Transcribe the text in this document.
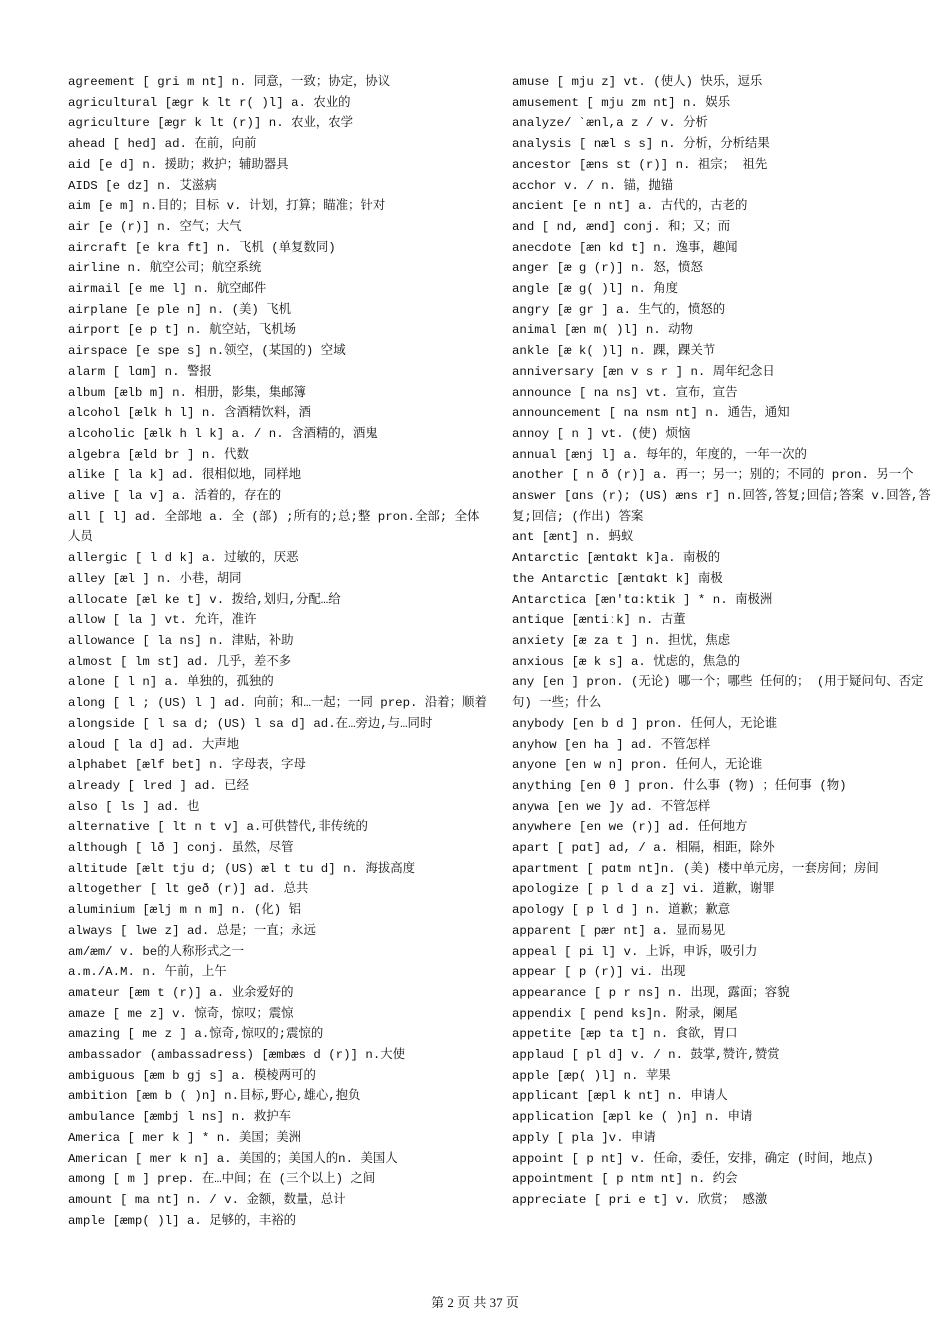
agreement [ gri m nt] n. 同意，一致；协定，协议
agricultural [ægr k lt r( )l] a. 农业的
agriculture [ægr k lt (r)] n. 农业，农学
ahead [ hed] ad. 在前，向前
aid [e d] n. 援助；救护；辅助器具
AIDS [e dz] n. 艾滋病
aim [e m] n.目的；目标 v. 计划，打算；瞄准；针对
air [e (r)] n. 空气；大气
aircraft [e kra ft] n. 飞机 (单复数同)
airline n. 航空公司；航空系统
airmail [e me l] n. 航空邮件
airplane [e ple n] n. (美) 飞机
airport [e p t] n. 航空站，飞机场
airspace [e spe s] n.领空，(某国的) 空域
alarm [ lɑm] n. 警报
album [ælb m] n. 相册，影集，集邮簿
alcohol [ælk h l] n. 含酒精饮料，酒
alcoholic [ælk h l k] a. / n. 含酒精的，酒鬼
algebra [æld br ] n. 代数
alike [ la k] ad. 很相似地，同样地
alive [ la v] a. 活着的，存在的
all [ l] ad. 全部地 a. 全 (部) ;所有的;总;整 pron.全部; 全体人员
allergic [ l d k] a. 过敏的，厌恶
alley [æl ] n. 小巷，胡同
allocate [æl ke t] v. 拨给,划归,分配…给
allow [ la ] vt. 允许，准许
allowance [ la ns] n. 津贴，补助
almost [ lm st] ad. 几乎，差不多
alone [ l n] a. 单独的，孤独的
along [ l ; (US) l ] ad. 向前；和…一起；一同 prep. 沿着；顺着
alongside [ l sa d; (US) l sa d] ad.在…旁边,与…同时
aloud [ la d] ad. 大声地
alphabet [ælf bet] n. 字母表，字母
already [ lred ] ad. 已经
also [ ls ] ad. 也
alternative [ lt n t v] a.可供替代,非传统的
although [ lð ] conj. 虽然，尽管
altitude [ælt tju d; (US) æl t tu d] n. 海拔高度
altogether [ lt geð (r)] ad. 总共
aluminium [ælj m n m] n. (化) 铝
always [ lwe z] ad. 总是；一直；永远
am/æm/ v. be的人称形式之一
a.m./A.M. n. 午前，上午
amateur [æm t (r)] a. 业余爱好的
amaze [ me z] v. 惊奇，惊叹；震惊
amazing [ me z ] a.惊奇,惊叹的;震惊的
ambassador (ambassadress) [æmbæs d (r)] n.大使
ambiguous [æm b gj s] a. 模棱两可的
ambition [æm b ( )n] n.目标,野心,雄心,抱负
ambulance [æmbj l ns] n. 救护车
America [ mer k ] * n. 美国；美洲
American [ mer k n] a. 美国的；美国人的n. 美国人
among [ m ] prep. 在…中间；在 (三个以上) 之间
amount [ ma nt] n. / v. 金额，数量，总计
ample [æmp( )l] a. 足够的，丰裕的
amuse [ mju z] vt. (使人) 快乐，逗乐
amusement [ mju zm nt] n. 娱乐
analyze/ ˋænl,a z / v. 分析
analysis [ næl s s] n. 分析，分析结果
ancestor [æns st (r)] n. 祖宗； 祖先
acchor v. / n. 锚，抛锚
ancient [e n nt] a. 古代的，古老的
and [ nd, ænd] conj. 和；又；而
anecdote [æn kd t] n. 逸事，趣闻
anger [æ g (r)] n. 怒，愤怒
angle [æ g( )l] n. 角度
angry [æ gr ] a. 生气的，愤怒的
animal [æn m( )l] n. 动物
ankle [æ k( )l] n. 踝，踝关节
anniversary [æn v s r ] n. 周年纪念日
announce [ na ns] vt. 宣布，宣告
announcement [ na nsm nt] n. 通告，通知
annoy [ n ] vt. (使) 烦恼
annual [ænj l] a. 每年的，年度的，一年一次的
another [ n ð (r)] a. 再一；另一；别的；不同的 pron. 另一个
answer [ɑns (r); (US) æns r] n.回答,答复;回信;答案 v.回答,答复;回信; (作出) 答案
ant [ænt] n. 蚂蚁
Antarctic [æntɑkt k]a. 南极的
the Antarctic [æntɑkt k] 南极
Antarctica [æn'tɑ:ktik ] * n. 南极洲
antique [æntiːk] n. 古董
anxiety [æ za t ] n. 担忧，焦虑
anxious [æ k s] a. 忧虑的，焦急的
any [en ] pron. (无论) 哪一个；哪些 任何的； (用于疑问句、否定句) 一些；什么
anybody [en b d ] pron. 任何人，无论谁
anyhow [en ha ] ad. 不管怎样
anyone [en w n] pron. 任何人，无论谁
anything [en θ ] pron. 什么事 (物) ；任何事 (物)
anywa [en we ]y ad. 不管怎样
anywhere [en we (r)] ad. 任何地方
apart [ pɑt] ad, / a. 相隔，相距，除外
apartment [ pɑtm nt]n. (美) 楼中单元房，一套房间；房间
apologize [ p l d a z] vi. 道歉，谢罪
apology [ p l d ] n. 道歉；歉意
apparent [ pær nt] a. 显而易见
appeal [ pi l] v. 上诉，申诉，吸引力
appear [ p (r)] vi. 出现
appearance [ p r ns] n. 出现，露面；容貌
appendix [ pend ks]n. 附录，阑尾
appetite [æp ta t] n. 食欲，胃口
applaud [ pl d] v. / n. 鼓掌,赞许,赞赏
apple [æp( )l] n. 苹果
applicant [æpl k nt] n. 申请人
application [æpl ke ( )n] n. 申请
apply [ pla ]v. 申请
appoint [ p nt] v. 任命，委任，安排，确定 (时间，地点)
appointment [ p ntm nt] n. 约会
appreciate [ pri e t] v. 欣赏； 感激
第 2 页 共 37 页
